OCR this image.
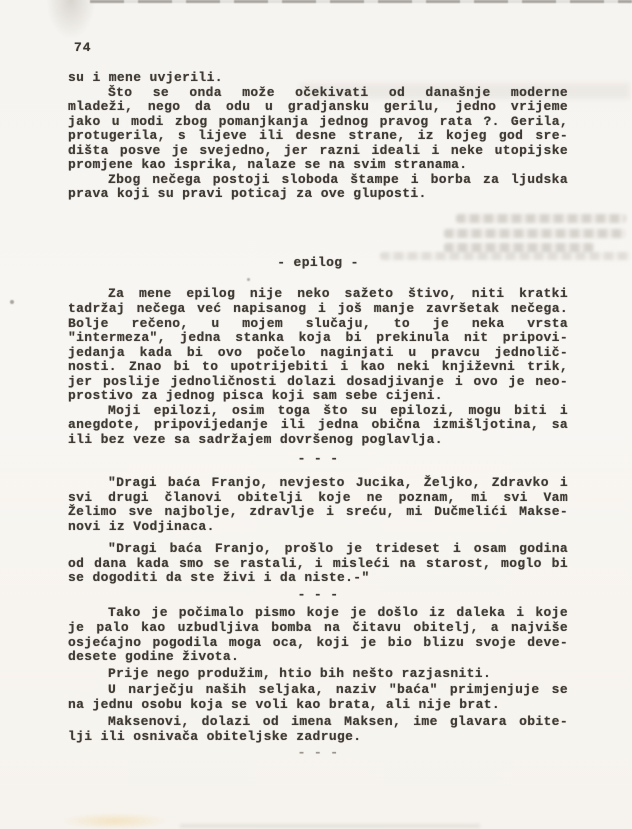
74
su i mene uvjerili.
Što se onda može očekivati od današnje moderne
mladeži, nego da odu u gradjansku gerilu, jedno vrijeme
jako u modi zbog pomanjkanja jednog pravog rata ?. Gerila,
protugerila, s lijeve ili desne strane, iz kojeg god sre-
dišta posve je svejedno, jer razni ideali i neke utopijske
promjene kao isprika, nalaze se na svim stranama.
Zbog nečega postoji sloboda štampe i borba za ljudska
prava koji su pravi poticaj za ove gluposti.
- epilog -
Za mene epilog nije neko sažeto štivo, niti kratki
tadržaj nečega već napisanog i još manje završetak nečega.
Bolje rečeno, u mojem slučaju, to je neka vrsta
"intermeza", jedna stanka koja bi prekinula nit pripovi-
jedanja kada bi ovo počelo naginjati u pravcu jednolič-
nosti. Znao bi to upotrijebiti i kao neki književni trik,
jer poslije jednoličnosti dolazi dosadjivanje i ovo je neo-
prostivo za jednog pisca koji sam sebe cijeni.
Moji epilozi, osim toga što su epilozi, mogu biti i
anegdote, pripovijedanje ili jedna obična izmišljotina, sa
ili bez veze sa sadržajem dovršenog poglavlja.
- - -
"Dragi baća Franjo, nevjesto Jucika, Željko, Zdravko i
svi drugi članovi obitelji koje ne poznam, mi svi Vam
Želimo sve najbolje, zdravlje i sreću, mi Dučmelići Makse-
novi iz Vodjinaca.
"Dragi baća Franjo, prošlo je trideset i osam godina
od dana kada smo se rastali, i misleći na starost, moglo bi
se dogoditi da ste živi i da niste.-"
- - -
Tako je počimalo pismo koje je došlo iz daleka i koje
je palo kao uzbudljiva bomba na čitavu obitelj, a najviše
osjećajno pogodila moga oca, koji je bio blizu svoje deve-
desete godine života.
Prije nego produžim, htio bih nešto razjasniti.
U narječju naših seljaka, naziv "baća" primjenjuje se
na jednu osobu koja se voli kao brata, ali nije brat.
Maksenovi, dolazi od imena Maksen, ime glavara obite-
lji ili osnivača obiteljske zadruge.
- - -
